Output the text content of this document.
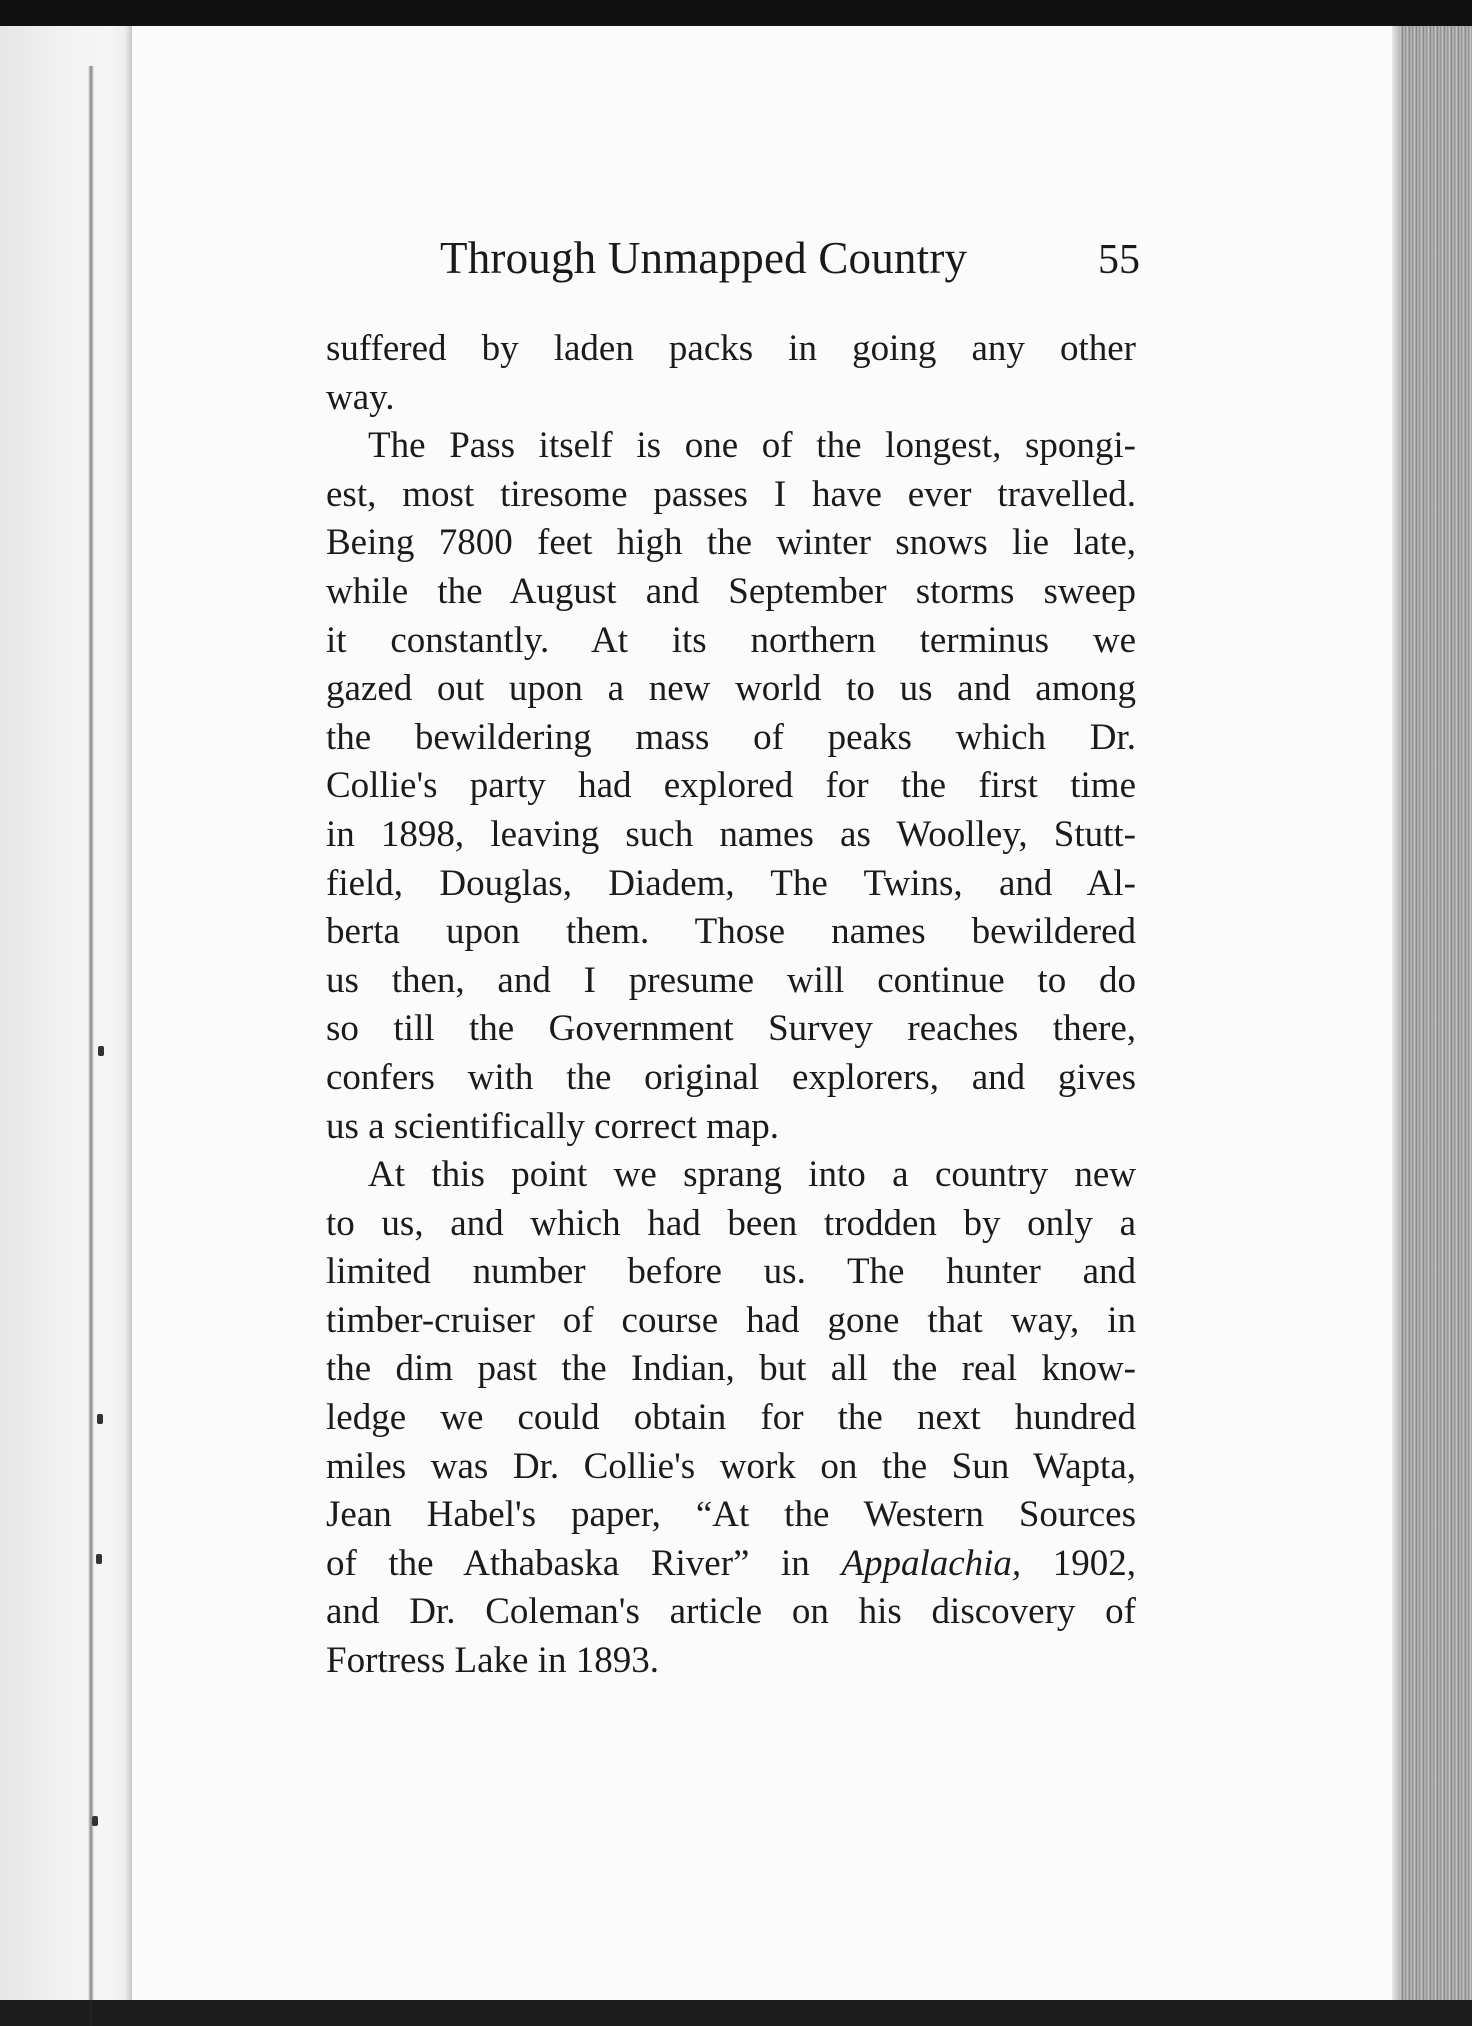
Through Unmapped Country	55
suffered by laden packs in going any other
way.
The Pass itself is one of the longest, spongi-
est, most tiresome passes I have ever travelled.
Being 7800 feet high the winter snows lie late,
while the August and September storms sweep
it constantly. At its northern terminus we
gazed out upon a new world to us and among
the bewildering mass of peaks which Dr.
Collie's party had explored for the first time
in 1898, leaving such names as Woolley, Stutt-
field, Douglas, Diadem, The Twins, and Al-
berta upon them. Those names bewildered
us then, and I presume will continue to do
so till the Government Survey reaches there,
confers with the original explorers, and gives
us a scientifically correct map.
At this point we sprang into a country new
to us, and which had been trodden by only a
limited number before us. The hunter and
timber-cruiser of course had gone that way, in
the dim past the Indian, but all the real know-
ledge we could obtain for the next hundred
miles was Dr. Collie's work on the Sun Wapta,
Jean Habel's paper, “At the Western Sources
of the Athabaska River” in Appalachia, 1902,
and Dr. Coleman's article on his discovery of
Fortress Lake in 1893.
